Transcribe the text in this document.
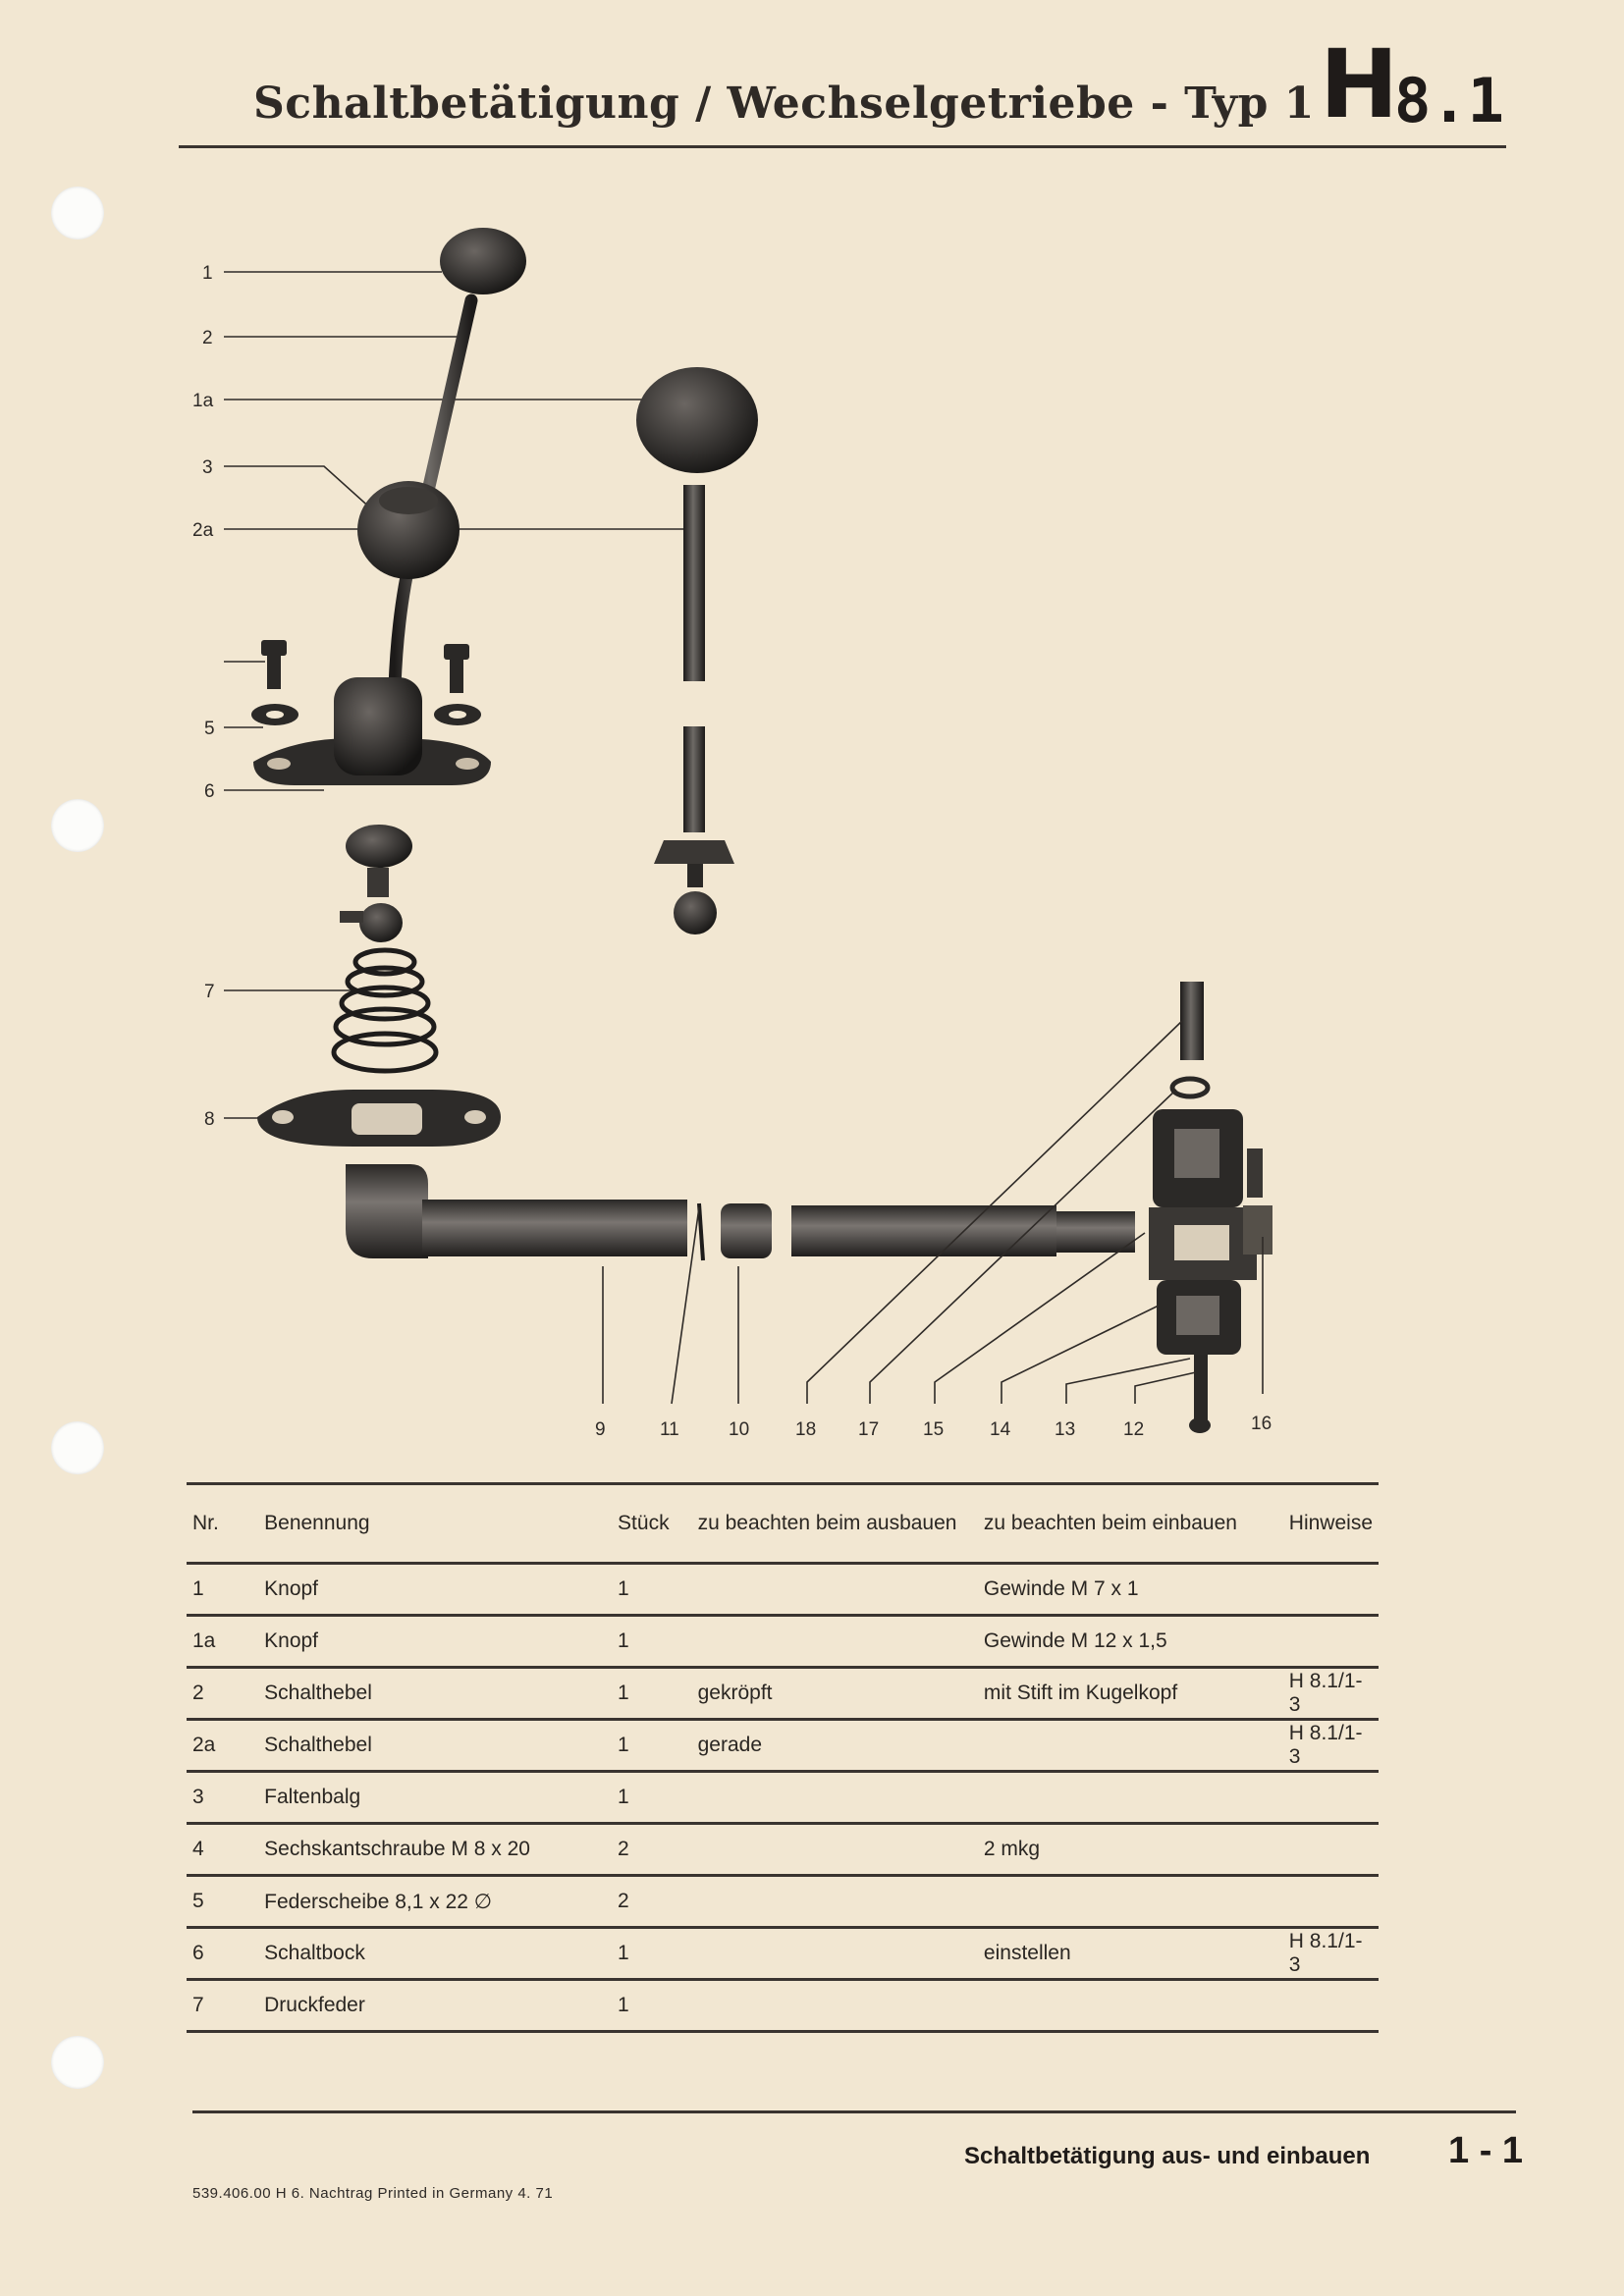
Schaltbetätigung / Wechselgetriebe - Typ 1 H
8.1
1
2
1a
3
2a
5
6
7
8
9	11	10 18 17 15 14 13	12	16
Nr.	Benennung	Stück	zu beachten beim ausbauen	zu beachten beim einbauen	Hinweise
1	Knopf	1		Gewinde M 7 x 1	
1a	Knopf	1		Gewinde M 12 x 1,5	
2	Schalthebel	1	gekröpft	mit Stift im Kugelkopf	H 8.1/1-3
2a	Schalthebel	1	gerade		H 8.1/1-3
3	Faltenbalg	1			
4	Sechskantschraube M 8 x 20	2		2 mkg	
5	Federscheibe 8,1 x 22 ∅	2			
6	Schaltbock	1		einstellen	H 8.1/1-3
7	Druckfeder	1			
Schaltbetätigung aus- und einbauen 1 - 1
539.406.00 H 6. Nachtrag Printed in Germany 4. 71
